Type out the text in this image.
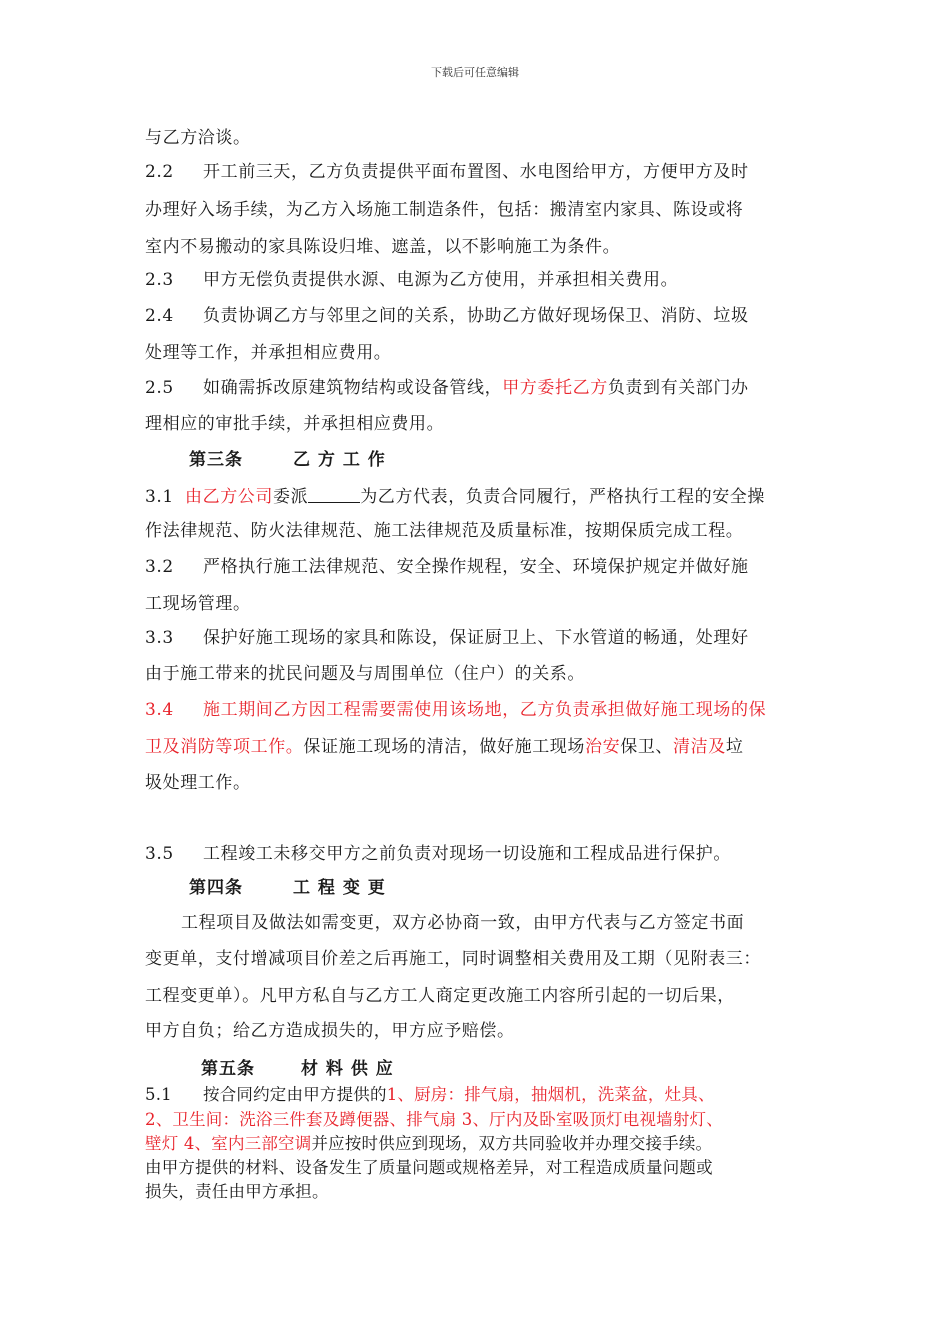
下载后可任意编辑
与乙方洽谈。
2.2 开工前三天，乙方负责提供平面布置图、水电图给甲方，方便甲方及时
办理好入场手续，为乙方入场施工制造条件，包括：搬清室内家具、陈设或将
室内不易搬动的家具陈设归堆、遮盖，以不影响施工为条件。
2.3 甲方无偿负责提供水源、电源为乙方使用，并承担相关费用。
2.4 负责协调乙方与邻里之间的关系，协助乙方做好现场保卫、消防、垃圾
处理等工作，并承担相应费用。
2.5 如确需拆改原建筑物结构或设备管线，甲方委托乙方负责到有关部门办
理相应的审批手续，并承担相应费用。
第三条	乙 方 工 作
3.1 由乙方公司委派	为乙方代表，负责合同履行，严格执行工程的安全操
作法律规范、防火法律规范、施工法律规范及质量标准，按期保质完成工程。
3.2 严格执行施工法律规范、安全操作规程，安全、环境保护规定并做好施
工现场管理。
3.3 保护好施工现场的家具和陈设，保证厨卫上、下水管道的畅通，处理好
由于施工带来的扰民问题及与周围单位（住户）的关系。
3.4 施工期间乙方因工程需要需使用该场地，乙方负责承担做好施工现场的保
卫及消防等项工作。保证施工现场的清洁，做好施工现场治安保卫、清洁及垃
圾处理工作。
3.5 工程竣工未移交甲方之前负责对现场一切设施和工程成品进行保护。
第四条	工 程 变 更
工程项目及做法如需变更，双方必协商一致，由甲方代表与乙方签定书面
变更单，支付增减项目价差之后再施工，同时调整相关费用及工期（见附表三：
工程变更单）。凡甲方私自与乙方工人商定更改施工内容所引起的一切后果，
甲方自负；给乙方造成损失的，甲方应予赔偿。
第五条	材 料 供 应
5.1 按合同约定由甲方提供的1、厨房：排气扇，抽烟机，洗菜盆，灶具、
2、卫生间：洗浴三件套及蹲便器、排气扇 3、厅内及卧室吸顶灯电视墙射灯、
壁灯 4、室内三部空调并应按时供应到现场，双方共同验收并办理交接手续。
由甲方提供的材料、设备发生了质量问题或规格差异，对工程造成质量问题或
损失，责任由甲方承担。
